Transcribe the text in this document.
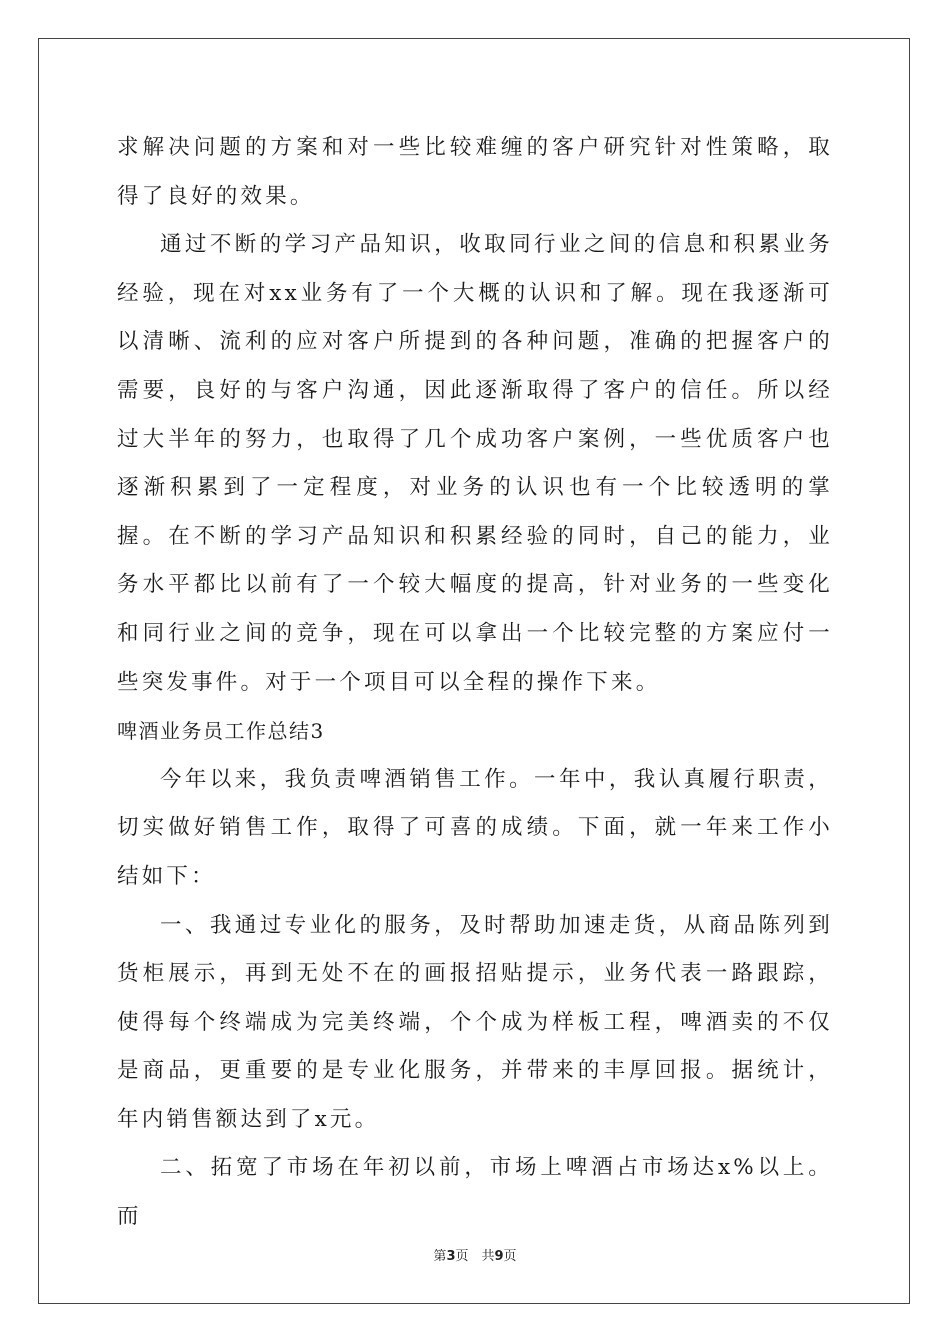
求解决问题的方案和对一些比较难缠的客户研究针对性策略，取得了良好的效果。

通过不断的学习产品知识，收取同行业之间的信息和积累业务经验，现在对xx业务有了一个大概的认识和了解。现在我逐渐可以清晰、流利的应对客户所提到的各种问题，准确的把握客户的需要，良好的与客户沟通，因此逐渐取得了客户的信任。所以经过大半年的努力，也取得了几个成功客户案例，一些优质客户也逐渐积累到了一定程度，对业务的认识也有一个比较透明的掌握。在不断的学习产品知识和积累经验的同时，自己的能力，业务水平都比以前有了一个较大幅度的提高，针对业务的一些变化和同行业之间的竞争，现在可以拿出一个比较完整的方案应付一些突发事件。对于一个项目可以全程的操作下来。

啤酒业务员工作总结3

今年以来，我负责啤酒销售工作。一年中，我认真履行职责，切实做好销售工作，取得了可喜的成绩。下面，就一年来工作小结如下：

一、我通过专业化的服务，及时帮助加速走货，从商品陈列到货柜展示，再到无处不在的画报招贴提示，业务代表一路跟踪，使得每个终端成为完美终端，个个成为样板工程，啤酒卖的不仅是商品，更重要的是专业化服务，并带来的丰厚回报。据统计，年内销售额达到了x元。

二、拓宽了市场在年初以前，市场上啤酒占市场达x%以上。而

第3页　共9页
